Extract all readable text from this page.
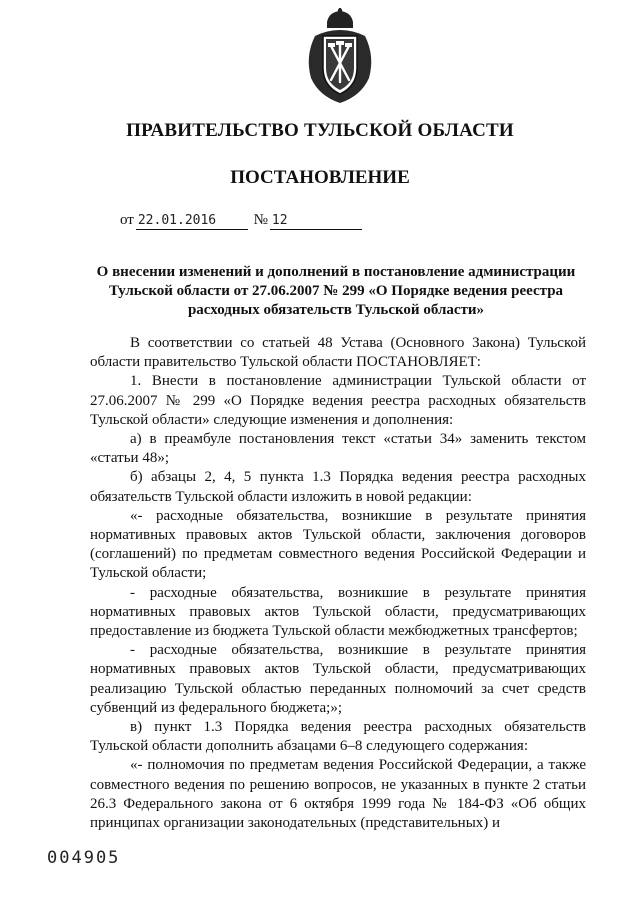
ПРАВИТЕЛЬСТВО ТУЛЬСКОЙ ОБЛАСТИ
ПОСТАНОВЛЕНИЕ
от 22.01.2016 № 12
О внесении изменений и дополнений в постановление администрации Тульской области от 27.06.2007 № 299 «О Порядке ведения реестра расходных обязательств Тульской области»

В соответствии со статьей 48 Устава (Основного Закона) Тульской области правительство Тульской области ПОСТАНОВЛЯЕТ:

1. Внести в постановление администрации Тульской области от 27.06.2007 № 299 «О Порядке ведения реестра расходных обязательств Тульской области» следующие изменения и дополнения:

а) в преамбуле постановления текст «статьи 34» заменить текстом «статьи 48»;

б) абзацы 2, 4, 5 пункта 1.3 Порядка ведения реестра расходных обязательств Тульской области изложить в новой редакции:

«- расходные обязательства, возникшие в результате принятия нормативных правовых актов Тульской области, заключения договоров (соглашений) по предметам совместного ведения Российской Федерации и Тульской области;

- расходные обязательства, возникшие в результате принятия нормативных правовых актов Тульской области, предусматривающих предоставление из бюджета Тульской области межбюджетных трансфертов;

- расходные обязательства, возникшие в результате принятия нормативных правовых актов Тульской области, предусматривающих реализацию Тульской областью переданных полномочий за счет средств субвенций из федерального бюджета;»;

в) пункт 1.3 Порядка ведения реестра расходных обязательств Тульской области дополнить абзацами 6–8 следующего содержания:

«- полномочия по предметам ведения Российской Федерации, а также совместного ведения по решению вопросов, не указанных в пункте 2 статьи 26.3 Федерального закона от 6 октября 1999 года № 184-ФЗ «Об общих принципах организации законодательных (представительных) и

004905
